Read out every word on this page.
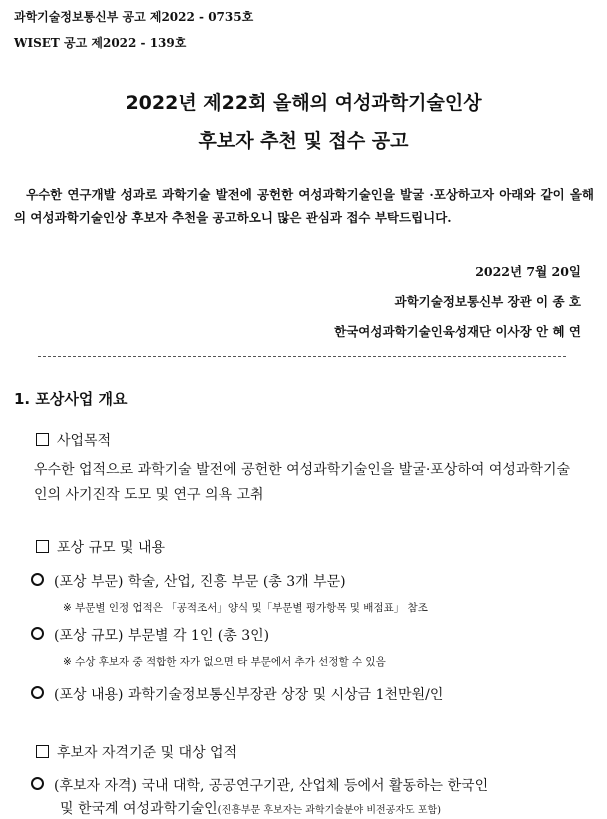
과학기술정보통신부 공고 제2022 - 0735호
WISET 공고 제2022 - 139호
2022년 제22회 올해의 여성과학기술인상
후보자 추천 및 접수 공고
우수한 연구개발 성과로 과학기술 발전에 공헌한 여성과학기술인을 발굴 ·포상하고자 아래와 같이 올해의 여성과학기술인상 후보자 추천을 공고하오니 많은 관심과 접수 부탁드립니다.
2022년 7월 20일
과학기술정보통신부 장관 이 종 호
한국여성과학기술인육성재단 이사장 안 혜 연
1. 포상사업 개요
사업목적
우수한 업적으로 과학기술 발전에 공헌한 여성과학기술인을 발굴·포상하여 여성과학기술인의 사기진작 도모 및 연구 의욕 고취
포상 규모 및 내용
(포상 부문) 학술, 산업, 진흥 부문 (총 3개 부문)
※ 부문별 인정 업적은 「공적조서」양식 및「부문별 평가항목 및 배점표」 참조
(포상 규모) 부문별 각 1인 (총 3인)
※ 수상 후보자 중 적합한 자가 없으면 타 부문에서 추가 선정할 수 있음
(포상 내용) 과학기술정보통신부장관 상장 및 시상금 1천만원/인
후보자 자격기준 및 대상 업적
(후보자 자격) 국내 대학, 공공연구기관, 산업체 등에서 활동하는 한국인
및 한국계 여성과학기술인(진흥부문 후보자는 과학기술분야 비전공자도 포함)
